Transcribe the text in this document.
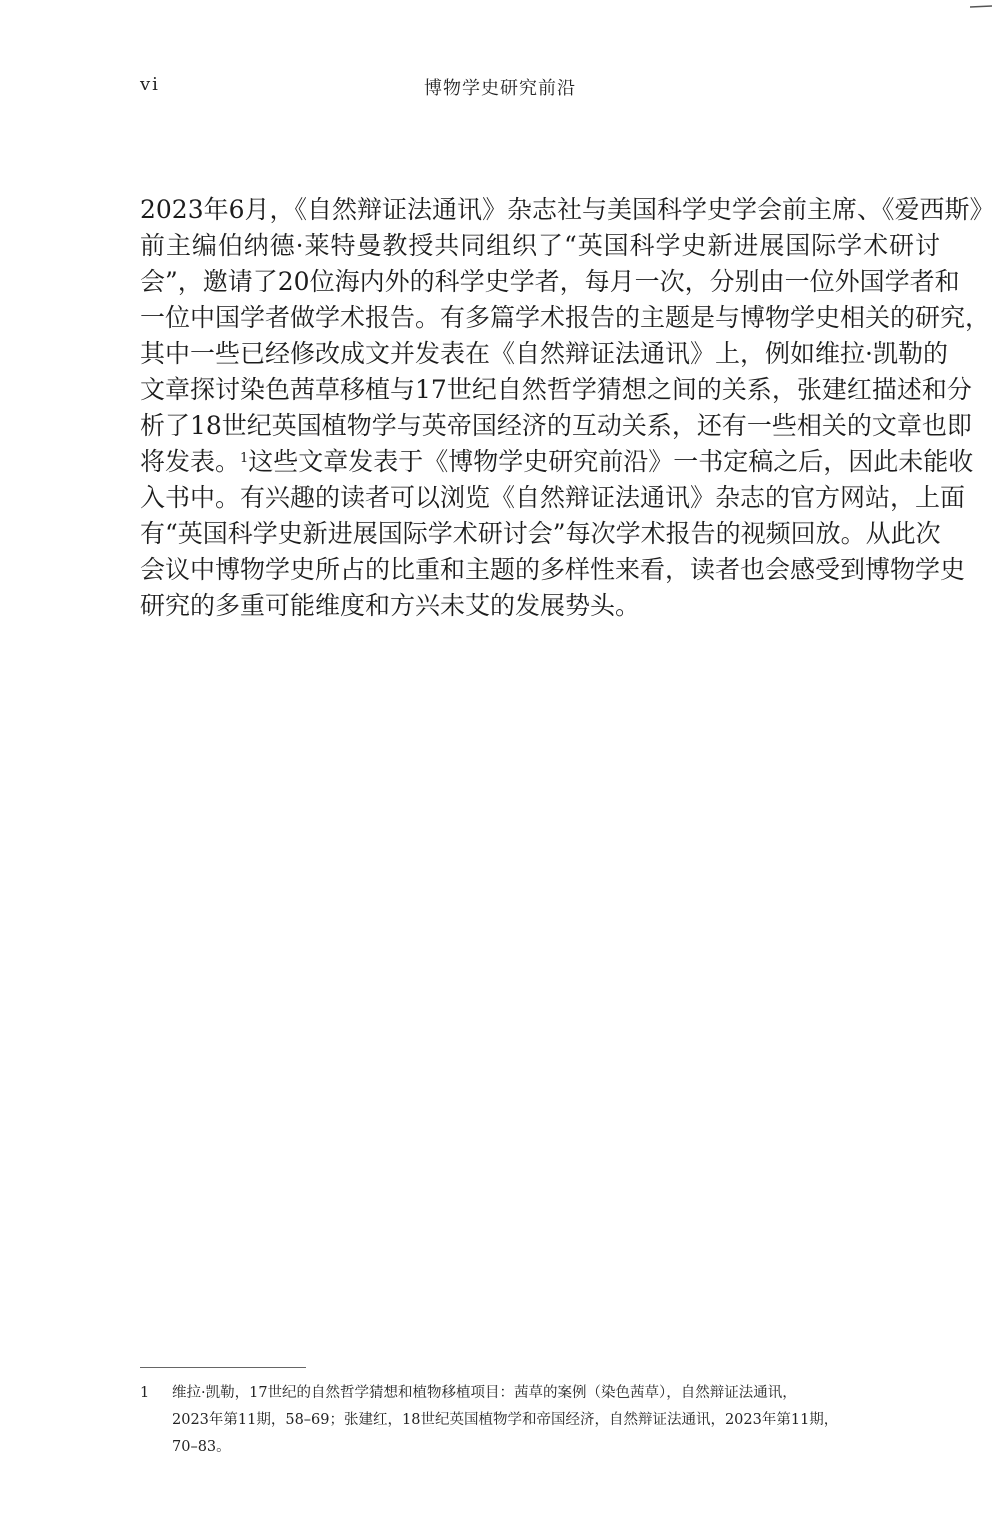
vi	博物学史研究前沿
2023年6月，《自然辩证法通讯》杂志社与美国科学史学会前主席、《爱西斯》
前主编伯纳德·莱特曼教授共同组织了“英国科学史新进展国际学术研讨
会”，邀请了20位海内外的科学史学者，每月一次，分别由一位外国学者和
一位中国学者做学术报告。有多篇学术报告的主题是与博物学史相关的研究，
其中一些已经修改成文并发表在《自然辩证法通讯》上，例如维拉·凯勒的
文章探讨染色茜草移植与17世纪自然哲学猜想之间的关系，张建红描述和分
析了18世纪英国植物学与英帝国经济的互动关系，还有一些相关的文章也即
将发表。$^1$这些文章发表于《博物学史研究前沿》一书定稿之后，因此未能收
入书中。有兴趣的读者可以浏览《自然辩证法通讯》杂志的官方网站，上面
有“英国科学史新进展国际学术研讨会”每次学术报告的视频回放。从此次
会议中博物学史所占的比重和主题的多样性来看，读者也会感受到博物学史
研究的多重可能维度和方兴未艾的发展势头。
1	维拉·凯勒，17世纪的自然哲学猜想和植物移植项目：茜草的案例（染色茜草），自然辩证法通讯，
2023年第11期，58–69；张建红，18世纪英国植物学和帝国经济，自然辩证法通讯，2023年第11期，
70–83。
